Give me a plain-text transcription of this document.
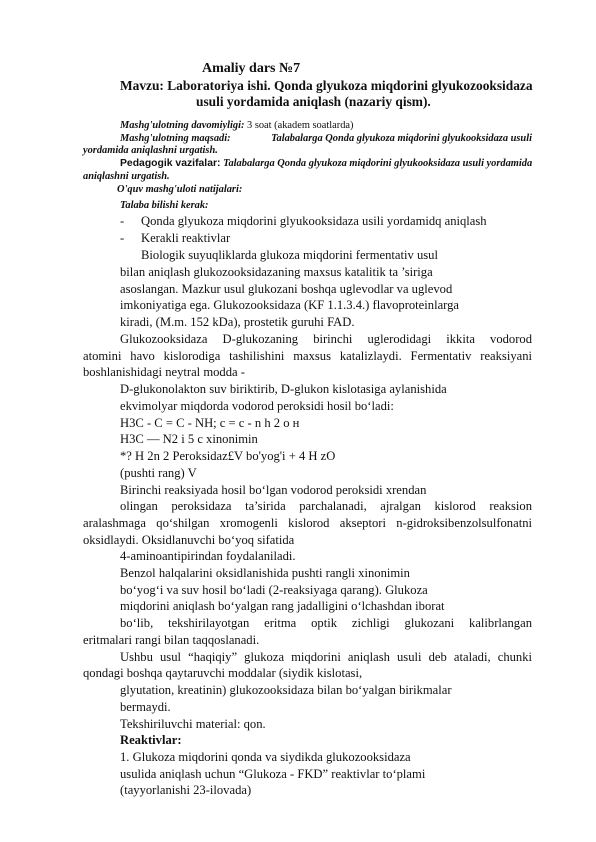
Amaliy dars №7
Mavzu: Laboratoriya ishi. Qonda glyukoza miqdorini glyukozooksidaza
usuli yordamida aniqlash (nazariy qism).
Mashg'ulotning davomiyligi: 3 soat (akadem soatlarda)
Mashg'ulotning maqsadi:	Talabalarga Qonda glyukoza miqdorini glyukooksidaza usuli
yordamida aniqlashni urgatish.
Pedagogik vazifalar: Talabalarga Qonda glyukoza miqdorini glyukooksidaza usuli yordamida
aniqlashni urgatish.
O'quv mashg'uloti natijalari:
Talaba bilishi kerak:
- Qonda glyukoza miqdorini glyukooksidaza usili yordamidq aniqlash
- Kerakli reaktivlar
Biologik suyuqliklarda glukoza miqdorini fermentativ usul
bilan aniqlash glukozooksidazaning maxsus katalitik ta ’siriga
asoslangan. Mazkur usul glukozani boshqa uglevodlar va uglevod
imkoniyatiga ega. Glukozooksidaza (KF 1.1.3.4.) flavoproteinlarga
kiradi, (M.m. 152 kDa), prostetik guruhi FAD.
Glukozooksidaza D-glukozaning birinchi uglerodidagi ikkita vodorod
atomini havo kislorodiga tashilishini maxsus katalizlaydi. Fermentativ reaksiyani
boshlanishidagi neytral modda -
D-glukonolakton suv biriktirib, D-glukon kislotasiga aylanishida
ekvimolyar miqdorda vodorod peroksidi hosil bo‘ladi:
H3C - C = C - NH; c = c - n h 2 o н
H3C — N2 i 5 c xinonimin
*? H 2n 2 Peroksidaz£V bo'yog'i + 4 H zO
(pushti rang) V
Birinchi reaksiyada hosil bo‘lgan vodorod peroksidi xrendan
olingan peroksidaza ta’sirida parchalanadi, ajralgan kislorod reaksion
aralashmaga qo‘shilgan xromogenli kislorod akseptori n-gidroksibenzolsulfonatni
oksidlaydi. Oksidlanuvchi bo‘yoq sifatida
4-aminoantipirindan foydalaniladi.
Benzol halqalarini oksidlanishida pushti rangli xinonimin
bo‘yog‘i va suv hosil bo‘ladi (2-reaksiyaga qarang). Glukoza
miqdorini aniqlash bo‘yalgan rang jadalligini o‘lchashdan iborat
bo‘lib, tekshirilayotgan eritma optik zichligi glukozani kalibrlangan
eritmalari rangi bilan taqqoslanadi.
Ushbu usul “haqiqiy” glukoza miqdorini aniqlash usuli deb ataladi, chunki
qondagi boshqa qaytaruvchi moddalar (siydik kislotasi,
glyutation, kreatinin) glukozooksidaza bilan bo‘yalgan birikmalar
bermaydi.
Tekshiriluvchi material: qon.
Reaktivlar:
1. Glukoza miqdorini qonda va siydikda glukozooksidaza
usulida aniqlash uchun “Glukoza - FKD” reaktivlar to‘plami
(tayyorlanishi 23-ilovada)
